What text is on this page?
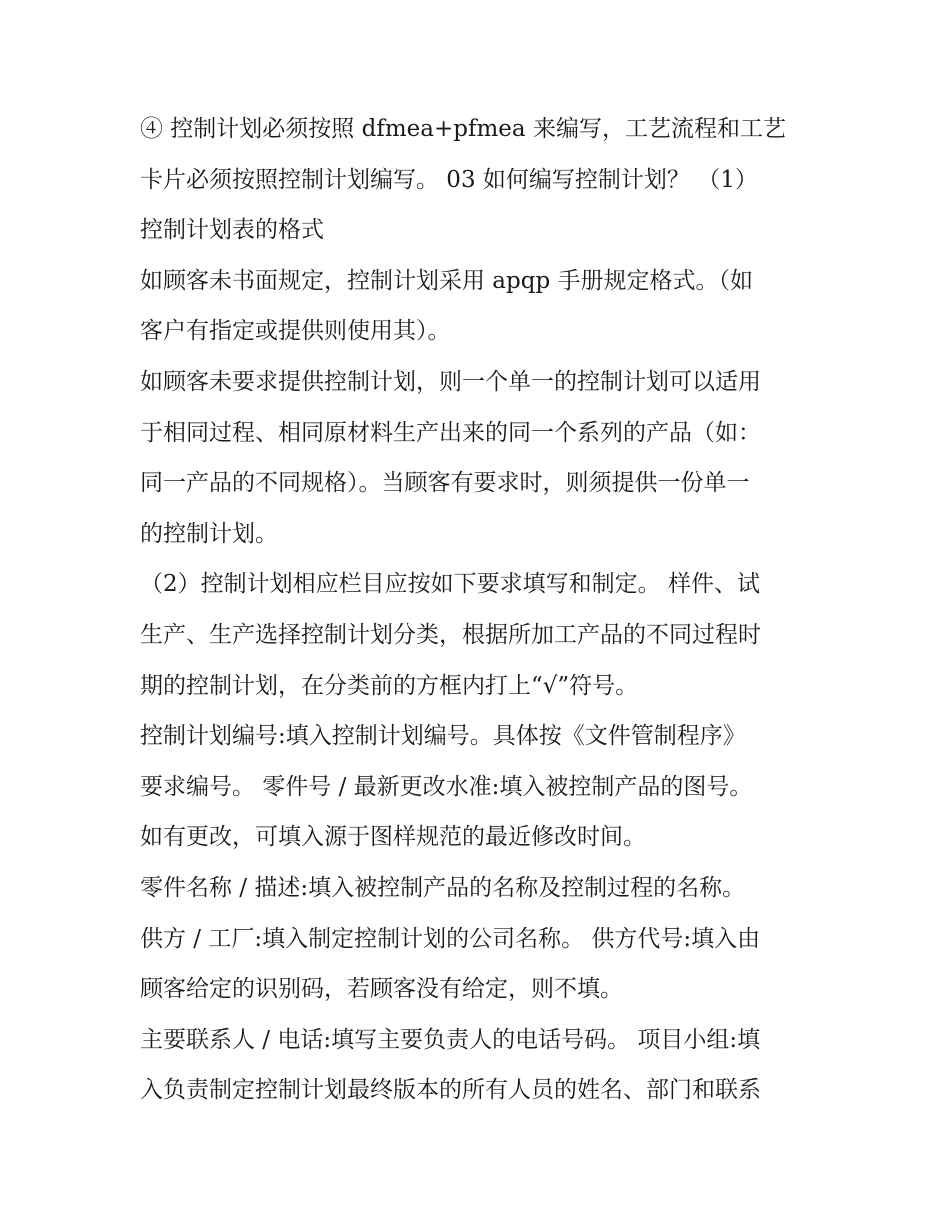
④ 控制计划必须按照 dfmea+pfmea 来编写，工艺流程和工艺
卡片必须按照控制计划编写。 03 如何编写控制计划？ （1）
控制计划表的格式
如顾客未书面规定，控制计划采用 apqp 手册规定格式。（如
客户有指定或提供则使用其）。
如顾客未要求提供控制计划，则一个单一的控制计划可以适用
于相同过程、相同原材料生产出来的同一个系列的产品（如：
同一产品的不同规格）。当顾客有要求时，则须提供一份单一
的控制计划。
（2）控制计划相应栏目应按如下要求填写和制定。 样件、试
生产、生产选择控制计划分类，根据所加工产品的不同过程时
期的控制计划，在分类前的方框内打上“√”符号。
控制计划编号:填入控制计划编号。具体按《文件管制程序》
要求编号。 零件号 / 最新更改水准:填入被控制产品的图号。
如有更改，可填入源于图样规范的最近修改时间。
零件名称 / 描述:填入被控制产品的名称及控制过程的名称。
供方 / 工厂:填入制定控制计划的公司名称。 供方代号:填入由
顾客给定的识别码，若顾客没有给定，则不填。
主要联系人 / 电话:填写主要负责人的电话号码。 项目小组:填
入负责制定控制计划最终版本的所有人员的姓名、部门和联系
